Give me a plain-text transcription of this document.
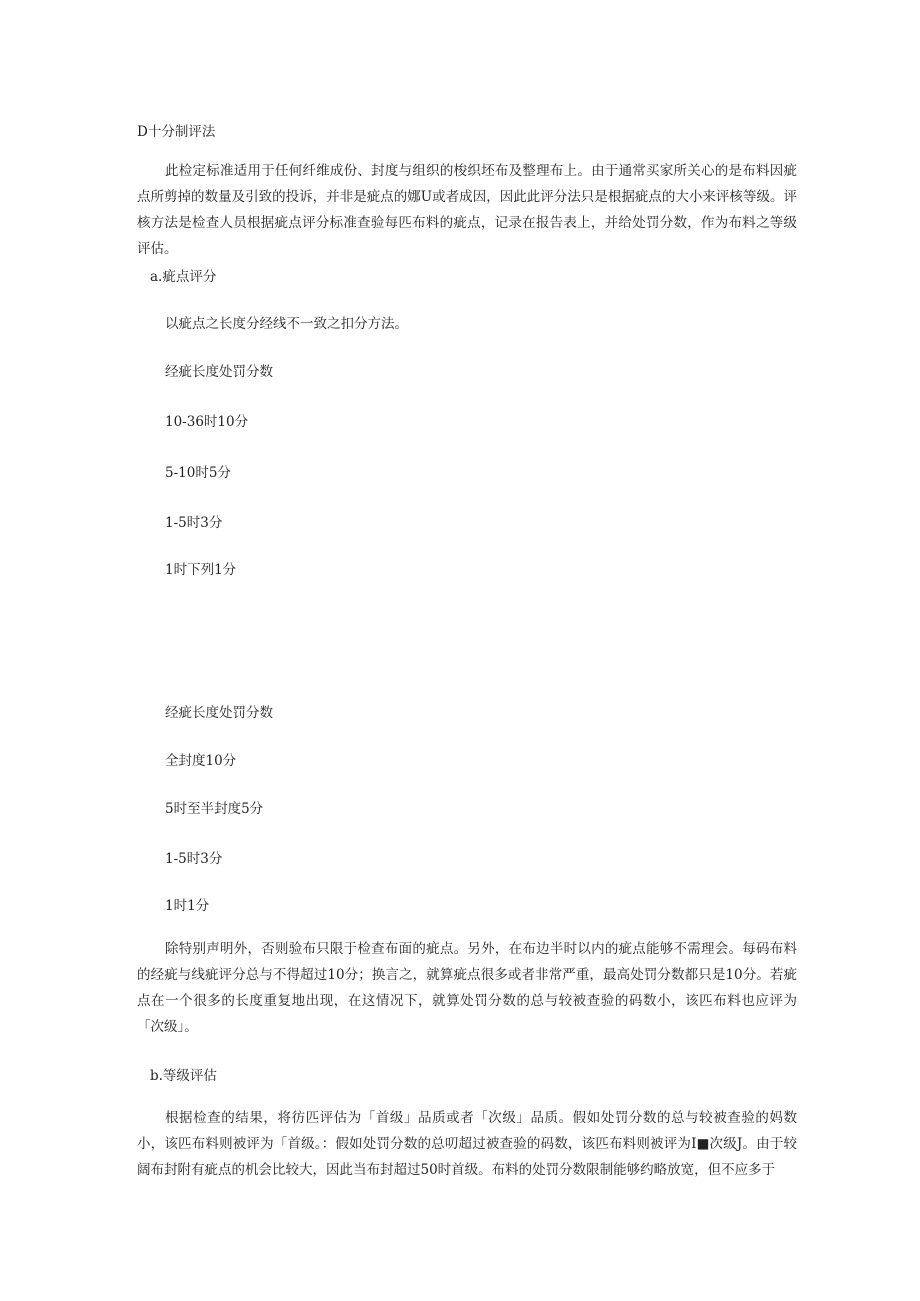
D十分制评法

此检定标准适用于任何纤维成份、封度与组织的梭织坯布及整理布上。由于通常买家所关心的是布料因疵点所剪掉的数量及引致的投诉，并非是疵点的娜U或者成因，因此此评分法只是根据疵点的大小来评核等级。评核方法是检查人员根据疵点评分标准查验每匹布料的疵点，记录在报告表上，并给处罚分数，作为布料之等级评估。

a.疵点评分
以疵点之长度分经线不一致之扣分方法。
经疵长度处罚分数
10-36时10分
5-10时5分
1-5时3分
1时下列1分
经疵长度处罚分数
全封度10分
5时至半封度5分
1-5时3分
1时1分

除特别声明外，否则验布只限于检查布面的疵点。另外，在布边半时以内的疵点能够不需理会。每码布料的经疵与线疵评分总与不得超过10分；换言之，就算疵点很多或者非常严重，最高处罚分数都只是10分。若疵点在一个很多的长度重复地出现，在这情况下，就算处罚分数的总与较被查验的码数小，该匹布料也应评为「次级」。

b.等级评估

根据检查的结果，将彷匹评估为「首级」品质或者「次级」品质。假如处罚分数的总与较被查验的妈数小，该匹布料则被评为「首级。：假如处罚分数的总叨超过被查验的码数，该匹布料则被评为I■次级J。由于较阔布封附有疵点的机会比较大，因此当布封超过50时首级。布料的处罚分数限制能够约略放宽，但不应多于
